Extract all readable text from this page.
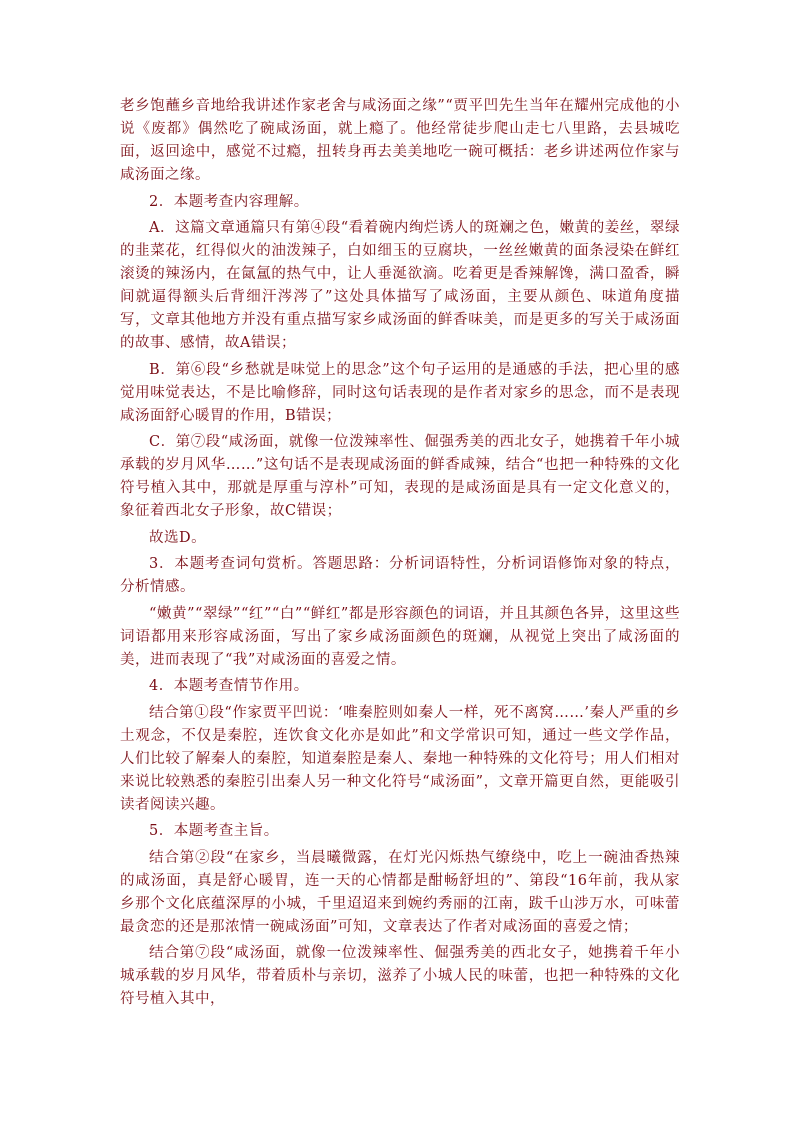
老乡饱蘸乡音地给我讲述作家老舍与咸汤面之缘”“贾平凹先生当年在耀州完成他的小说《废都》偶然吃了碗咸汤面，就上瘾了。他经常徒步爬山走七八里路，去县城吃面，返回途中，感觉不过瘾，扭转身再去美美地吃一碗可概括：老乡讲述两位作家与咸汤面之缘。

2．本题考查内容理解。

A．这篇文章通篇只有第④段“看着碗内绚烂诱人的斑斓之色，嫩黄的姜丝，翠绿的韭菜花，红得似火的油泼辣子，白如细玉的豆腐块，一丝丝嫩黄的面条浸染在鲜红滚烫的辣汤内，在氤氲的热气中，让人垂涎欲滴。吃着更是香辣解馋，满口盈香，瞬间就逼得额头后背细汗涔涔了”这处具体描写了咸汤面，主要从颜色、味道角度描写，文章其他地方并没有重点描写家乡咸汤面的鲜香味美，而是更多的写关于咸汤面的故事、感情，故A错误；

B．第⑥段“乡愁就是味觉上的思念”这个句子运用的是通感的手法，把心里的感觉用味觉表达，不是比喻修辞，同时这句话表现的是作者对家乡的思念，而不是表现咸汤面舒心暖胃的作用，B错误；

C．第⑦段“咸汤面，就像一位泼辣率性、倔强秀美的西北女子，她携着千年小城承载的岁月风华……”这句话不是表现咸汤面的鲜香咸辣，结合“也把一种特殊的文化符号植入其中，那就是厚重与淳朴”可知，表现的是咸汤面是具有一定文化意义的，象征着西北女子形象，故C错误；

故选D。

3．本题考查词句赏析。答题思路：分析词语特性，分析词语修饰对象的特点，分析情感。

“嫩黄”“翠绿”“红”“白”“鲜红”都是形容颜色的词语，并且其颜色各异，这里这些词语都用来形容咸汤面，写出了家乡咸汤面颜色的斑斓，从视觉上突出了咸汤面的美，进而表现了“我”对咸汤面的喜爱之情。

4．本题考查情节作用。

结合第①段“作家贾平凹说：‘唯秦腔则如秦人一样，死不离窝……’秦人严重的乡土观念，不仅是秦腔，连饮食文化亦是如此”和文学常识可知，通过一些文学作品，人们比较了解秦人的秦腔，知道秦腔是秦人、秦地一种特殊的文化符号；用人们相对来说比较熟悉的秦腔引出秦人另一种文化符号“咸汤面”，文章开篇更自然，更能吸引读者阅读兴趣。

5．本题考查主旨。

结合第②段“在家乡，当晨曦微露，在灯光闪烁热气缭绕中，吃上一碗油香热辣的咸汤面，真是舒心暖胃，连一天的心情都是酣畅舒坦的”、第段“16年前，我从家乡那个文化底蕴深厚的小城，千里迢迢来到婉约秀丽的江南，跋千山涉万水，可味蕾最贪恋的还是那浓情一碗咸汤面”可知，文章表达了作者对咸汤面的喜爱之情；

结合第⑦段“咸汤面，就像一位泼辣率性、倔强秀美的西北女子，她携着千年小城承载的岁月风华，带着质朴与亲切，滋养了小城人民的味蕾，也把一种特殊的文化符号植入其中，
